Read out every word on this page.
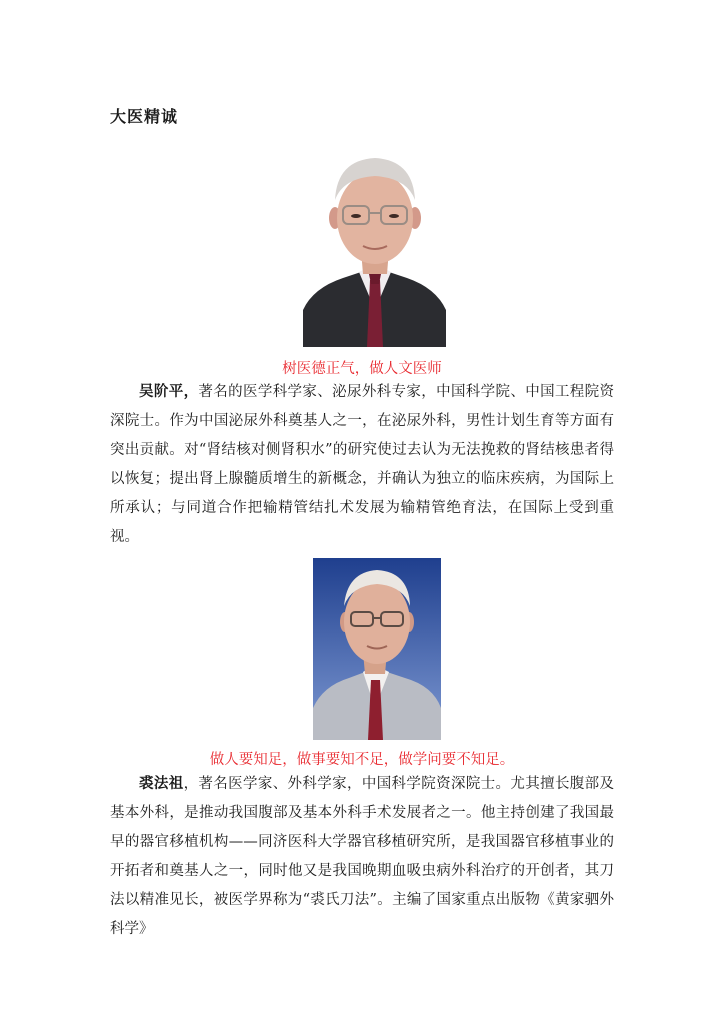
大医精诚

树医德正气，做人文医师

吴阶平，著名的医学科学家、泌尿外科专家，中国科学院、中国工程院资深院士。作为中国泌尿外科奠基人之一，在泌尿外科，男性计划生育等方面有突出贡献。对“肾结核对侧肾积水”的研究使过去认为无法挽救的肾结核患者得以恢复；提出肾上腺髓质增生的新概念，并确认为独立的临床疾病，为国际上所承认；与同道合作把输精管结扎术发展为输精管绝育法，在国际上受到重视。

做人要知足，做事要知不足，做学问要不知足。

裘法祖，著名医学家、外科学家，中国科学院资深院士。尤其擅长腹部及基本外科，是推动我国腹部及基本外科手术发展者之一。他主持创建了我国最早的器官移植机构——同济医科大学器官移植研究所，是我国器官移植事业的开拓者和奠基人之一，同时他又是我国晚期血吸虫病外科治疗的开创者，其刀法以精准见长，被医学界称为“裘氏刀法”。主编了国家重点出版物《黄家驷外科学》
